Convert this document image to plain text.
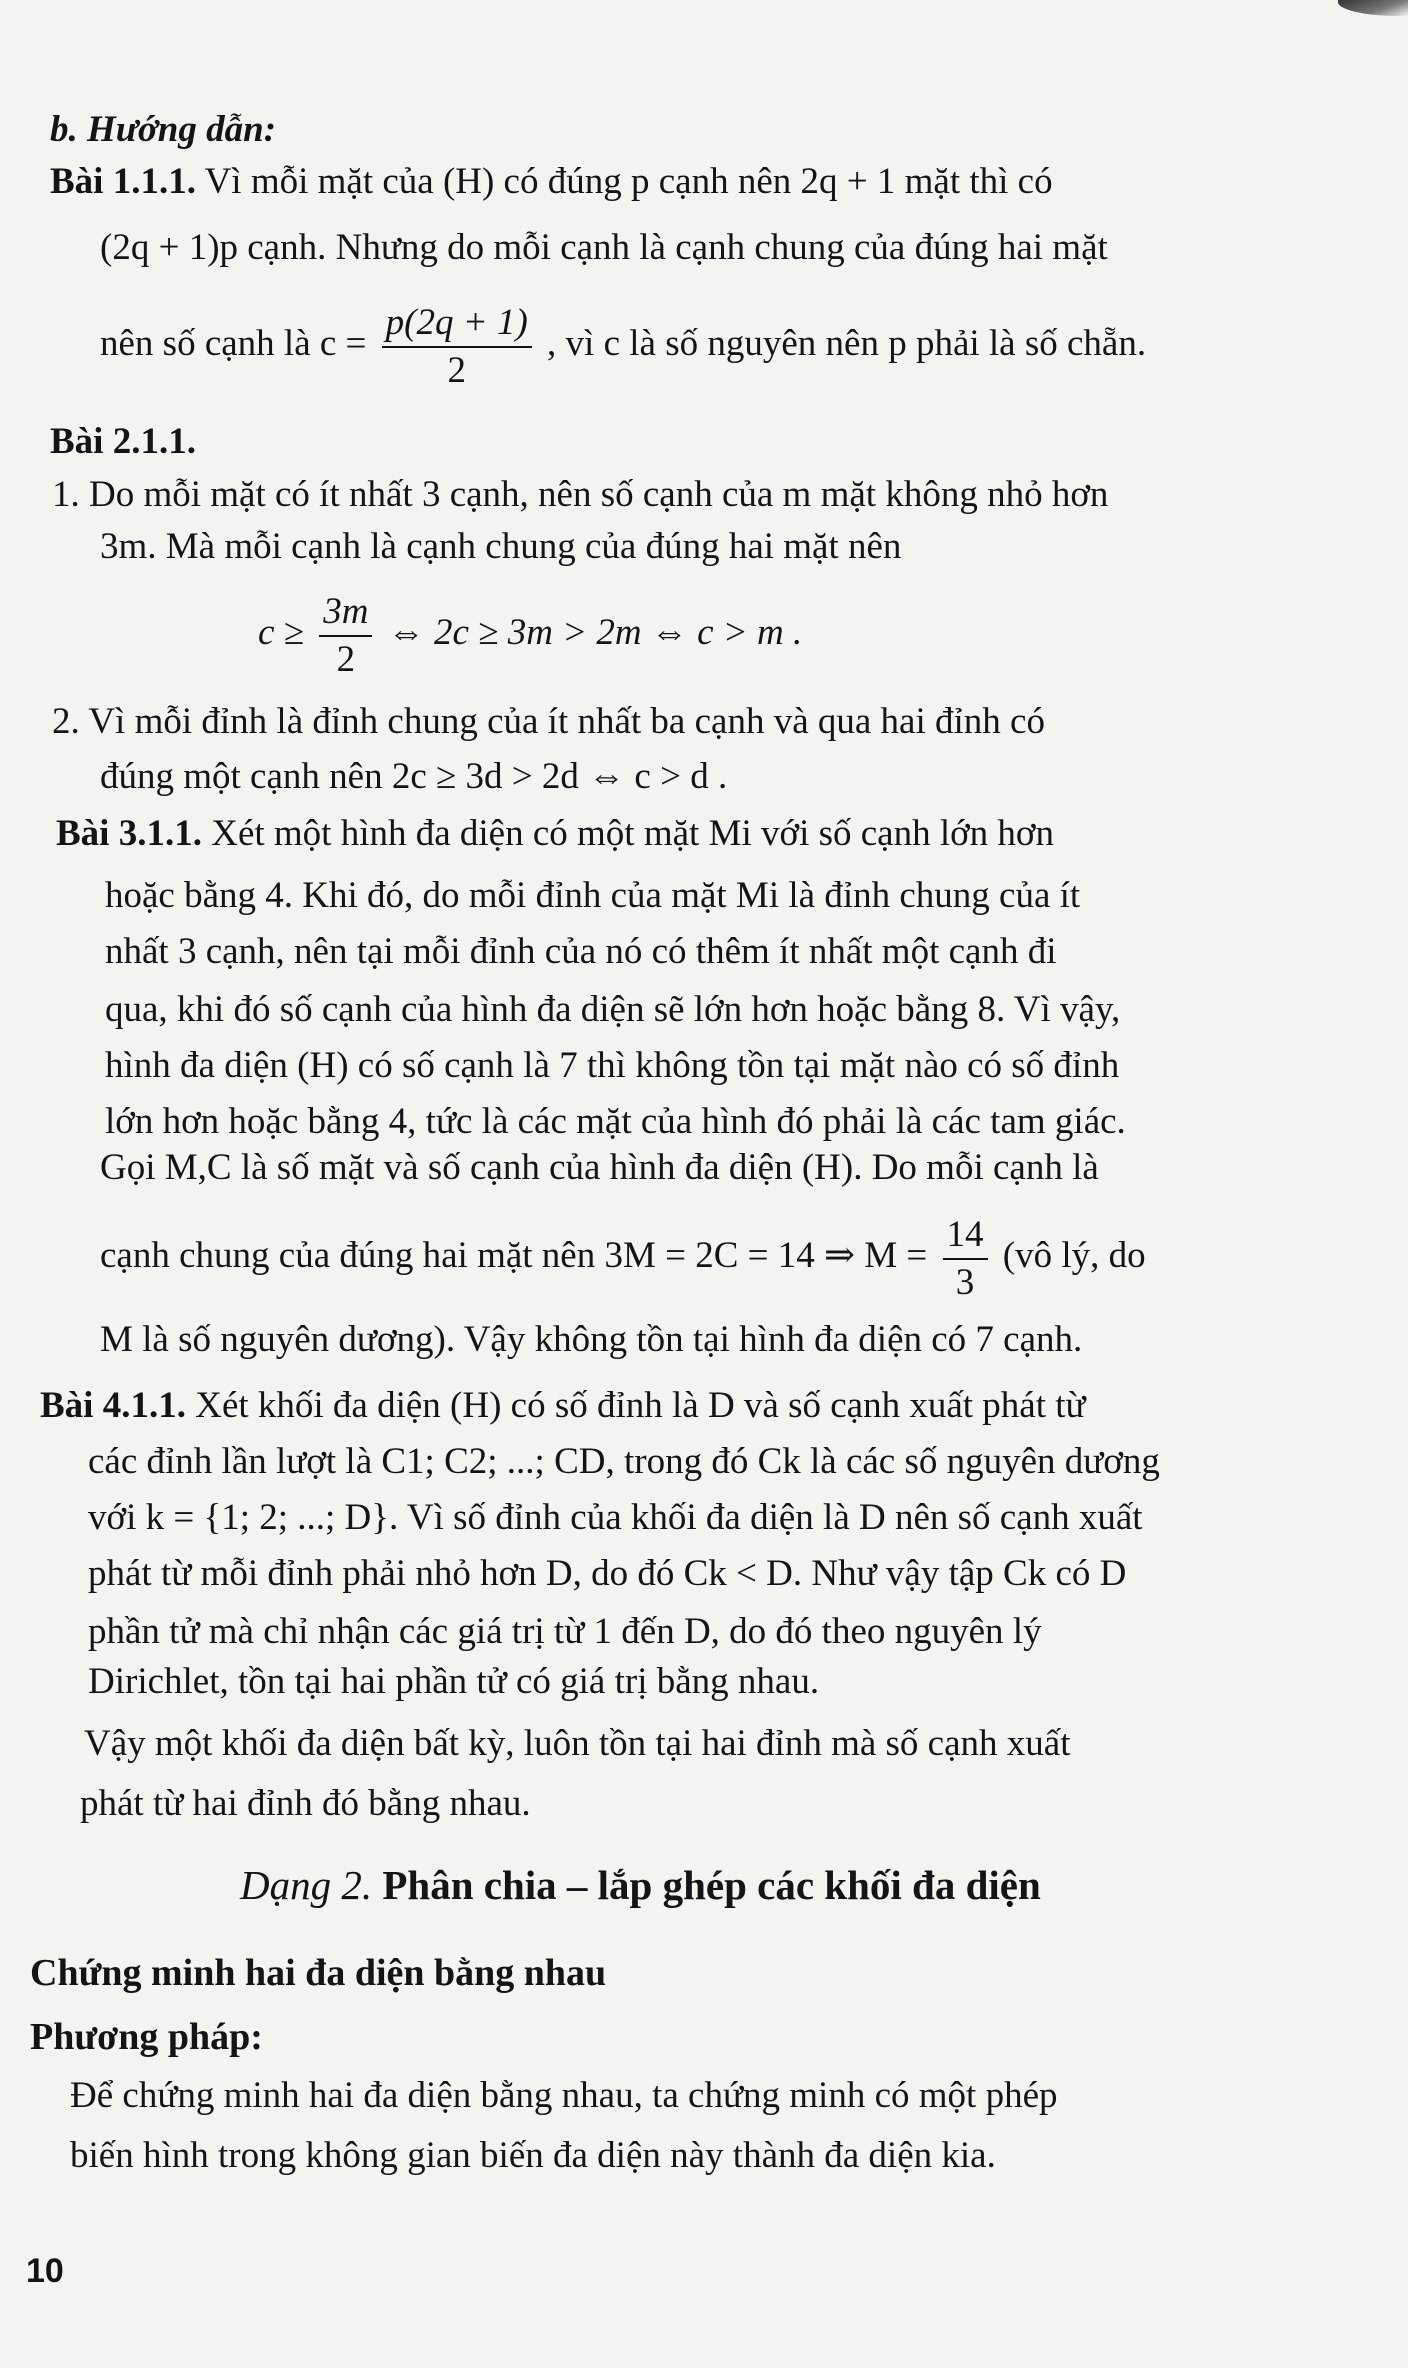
b. Hướng dẫn:
Bài 1.1.1. Vì mỗi mặt của (H) có đúng p cạnh nên 2q + 1 mặt thì có
(2q + 1)p cạnh. Nhưng do mỗi cạnh là cạnh chung của đúng hai mặt
nên số cạnh là $c = \frac{p(2q + 1)}{2}$ , vì c là số nguyên nên p phải là số chẵn.
Bài 2.1.1.
1. Do mỗi mặt có ít nhất 3 cạnh, nên số cạnh của m mặt không nhỏ hơn
3m. Mà mỗi cạnh là cạnh chung của đúng hai mặt nên
$c \ge \frac{3m}{2}$ ⇔ 2c ≥ 3m > 2m ⇔ c > m .
2. Vì mỗi đỉnh là đỉnh chung của ít nhất ba cạnh và qua hai đỉnh có
đúng một cạnh nên 2c ≥ 3d > 2d ⇔ c > d .
Bài 3.1.1. Xét một hình đa diện có một mặt Mi với số cạnh lớn hơn
hoặc bằng 4. Khi đó, do mỗi đỉnh của mặt Mi là đỉnh chung của ít
nhất 3 cạnh, nên tại mỗi đỉnh của nó có thêm ít nhất một cạnh đi
qua, khi đó số cạnh của hình đa diện sẽ lớn hơn hoặc bằng 8. Vì vậy,
hình đa diện (H) có số cạnh là 7 thì không tồn tại mặt nào có số đỉnh
lớn hơn hoặc bằng 4, tức là các mặt của hình đó phải là các tam giác.
Gọi M,C là số mặt và số cạnh của hình đa diện (H). Do mỗi cạnh là
cạnh chung của đúng hai mặt nên 3M = 2C = 14 ⇒ $M = \frac{14}{3}$ (vô lý, do
M là số nguyên dương). Vậy không tồn tại hình đa diện có 7 cạnh.
Bài 4.1.1. Xét khối đa diện (H) có số đỉnh là D và số cạnh xuất phát từ
các đỉnh lần lượt là C1; C2; ...; CD, trong đó Ck là các số nguyên dương
với k = {1; 2; ...; D}. Vì số đỉnh của khối đa diện là D nên số cạnh xuất
phát từ mỗi đỉnh phải nhỏ hơn D, do đó Ck < D. Như vậy tập Ck có D
phần tử mà chỉ nhận các giá trị từ 1 đến D, do đó theo nguyên lý
Dirichlet, tồn tại hai phần tử có giá trị bằng nhau.
Vậy một khối đa diện bất kỳ, luôn tồn tại hai đỉnh mà số cạnh xuất
phát từ hai đỉnh đó bằng nhau.
Dạng 2. Phân chia – lắp ghép các khối đa diện
Chứng minh hai đa diện bằng nhau
Phương pháp:
Để chứng minh hai đa diện bằng nhau, ta chứng minh có một phép
biến hình trong không gian biến đa diện này thành đa diện kia.
10
